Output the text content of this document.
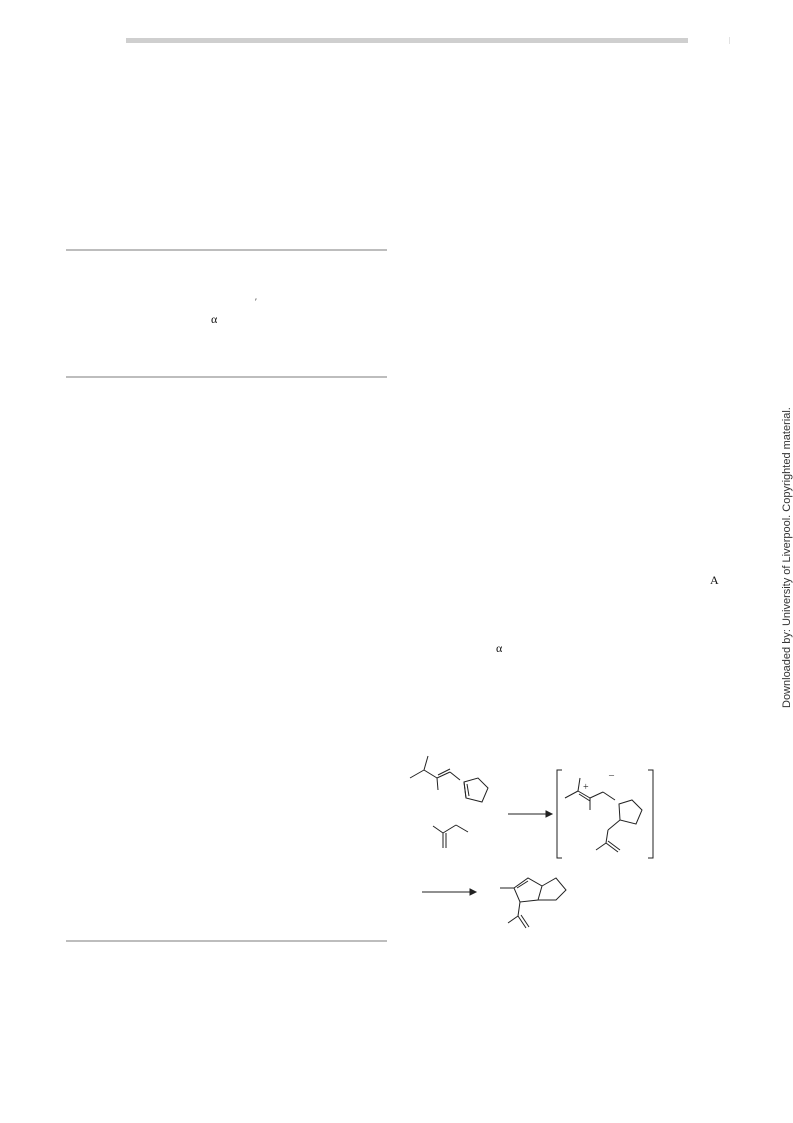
′
α
A
α	Downloaded by: University of Liverpool. Copyrighted material.
+
–
